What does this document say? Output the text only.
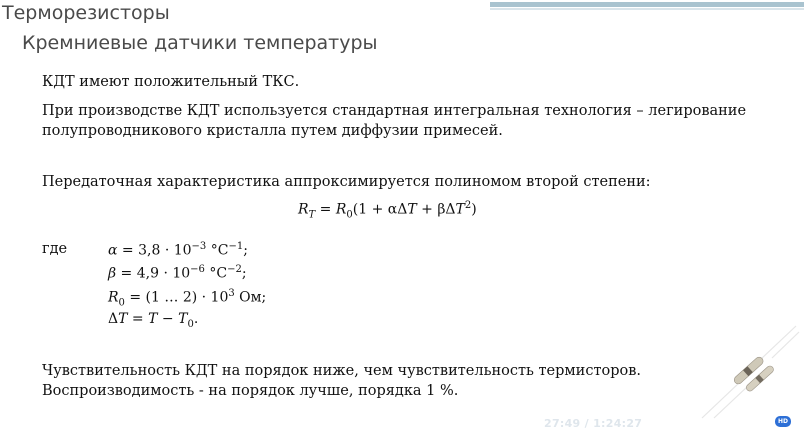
Терморезисторы
Кремниевые датчики температуры
КДТ имеют положительный ТКС.
При производстве КДТ используется стандартная интегральная технология – легирование
полупроводникового кристалла путем диффузии примесей.
Передаточная характеристика аппроксимируется полиномом второй степени:
$R_T = R_0(1 + \alpha\Delta T + \beta\Delta T^2)$
где	$\alpha = 3,8 \cdot 10^{-3}$ $^\circ C^{-1}$;
$\beta = 4,9 \cdot 10^{-6}$ $^\circ C^{-2}$;
$R_0 = (1$ … $2) \cdot 10^3$ Ом;
$\Delta T = T - T_0$.
Чувствительность КДТ на порядок ниже, чем чувствительность термисторов.
Воспроизводимость - на порядок лучше, порядка 1 %.
27:49 / 1:24:27	HD
